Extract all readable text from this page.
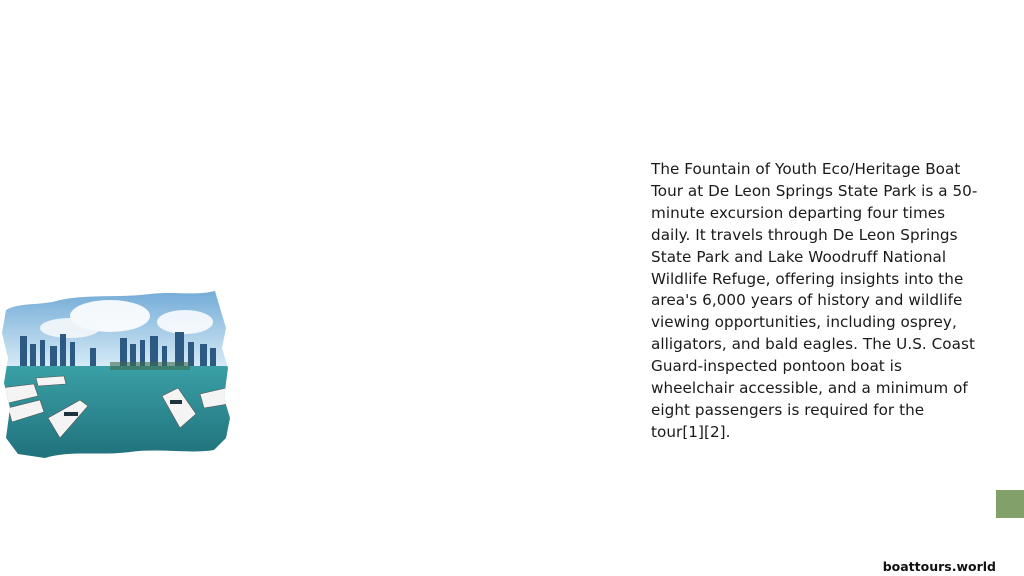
The Fountain of Youth Eco/Heritage Boat Tour at De Leon Springs State Park is a 50-minute excursion departing four times daily. It travels through De Leon Springs State Park and Lake Woodruff National Wildlife Refuge, offering insights into the area's 6,000 years of history and wildlife viewing opportunities, including osprey, alligators, and bald eagles. The U.S. Coast Guard-inspected pontoon boat is wheelchair accessible, and a minimum of eight passengers is required for the tour[1][2].
boattours.world
